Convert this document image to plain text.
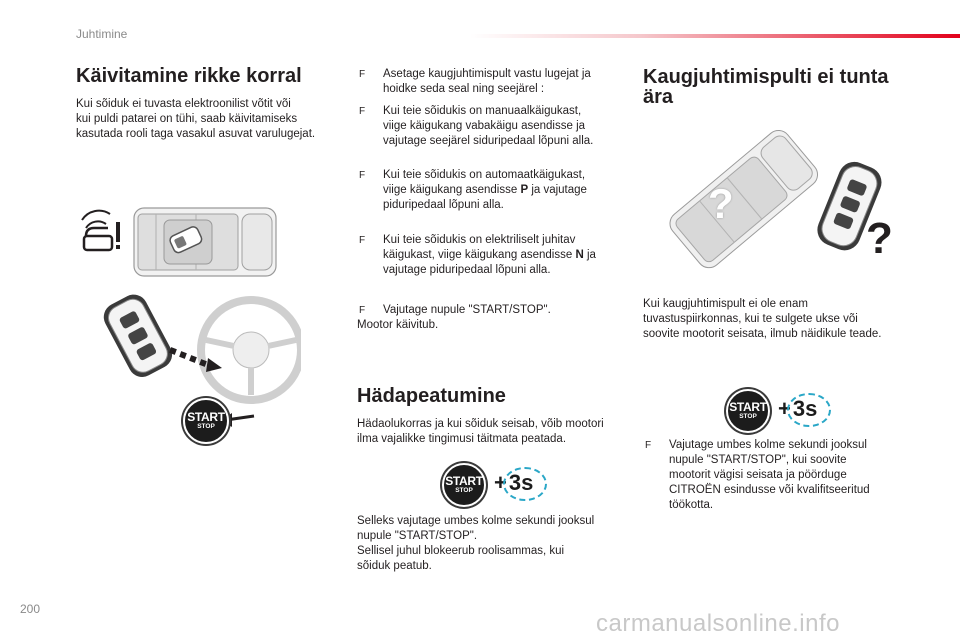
Juhtimine
Käivitamine rikke korral
Kui sõiduk ei tuvasta elektroonilist võtit või
kui puldi patarei on tühi, saab käivitamiseks
kasutada rooli taga vasakul asuvat varulugejat.
START
STOP
F Asetage kaugjuhtimispult vastu lugejat ja
hoidke seda seal ning seejärel :
F Kui teie sõidukis on manuaalkäigukast,
viige käigukang vabakäigu asendisse ja
vajutage seejärel siduripedaal lõpuni alla.
F Kui teie sõidukis on automaatkäigukast,
viige käigukang asendisse P ja vajutage
piduripedaal lõpuni alla.
F Kui teie sõidukis on elektriliselt juhitav
käigukast, viige käigukang asendisse N ja
vajutage piduripedaal lõpuni alla.
F Vajutage nupule "START/STOP".
Mootor käivitub.
Hädapeatumine
Hädaolukorras ja kui sõiduk seisab, võib mootori
ilma vajalikke tingimusi täitmata peatada.
START
STOP +3s
Selleks vajutage umbes kolme sekundi jooksul
nupule "START/STOP".
Sellisel juhul blokeerub roolisammas, kui
sõiduk peatub.
Kaugjuhtimispulti ei tunta
ära
?
?
Kui kaugjuhtimispult ei ole enam
tuvastuspiirkonnas, kui te sulgete ukse või
soovite mootorit seisata, ilmub näidikule teade.
START
STOP +3s
F Vajutage umbes kolme sekundi jooksul
nupule "START/STOP", kui soovite
mootorit vägisi seisata ja pöörduge
CITROËN esindusse või kvalifitseeritud
töökotta.
200
carmanualsonline.info
